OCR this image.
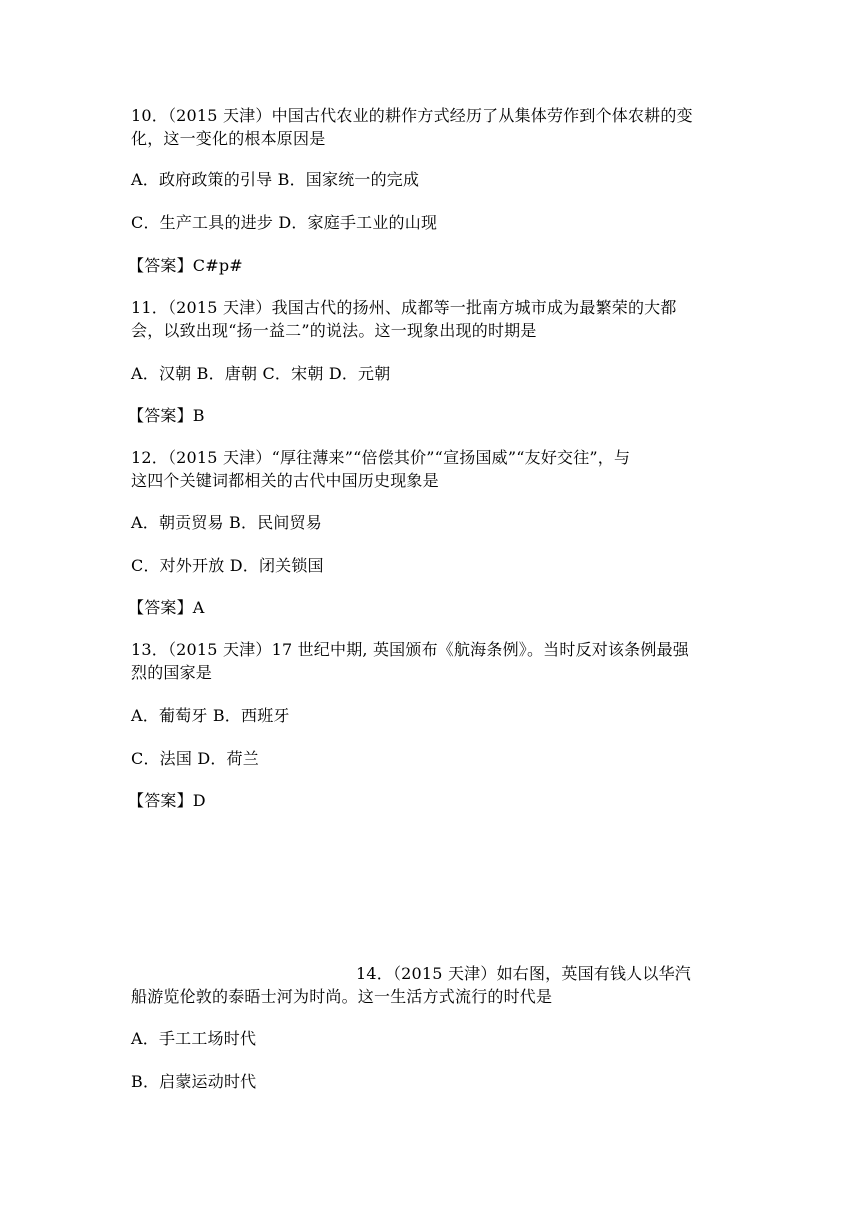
10．（2015 天津）中国古代农业的耕作方式经历了从集体劳作到个体农耕的变
化，这一变化的根本原因是
A．政府政策的引导 B．国家统一的完成
C．生产工具的进步 D．家庭手工业的山现
【答案】C#p#
11．（2015 天津）我国古代的扬州、成都等一批南方城市成为最繁荣的大都
会，以致出现“扬一益二”的说法。这一现象出现的时期是
A．汉朝 B．唐朝 C．宋朝 D．元朝
【答案】B
12．（2015 天津）“厚往薄来”“倍偿其价”“宣扬国威”“友好交往”，与
这四个关键词都相关的古代中国历史现象是
A．朝贡贸易 B．民间贸易
C．对外开放 D．闭关锁国
【答案】A
13．（2015 天津）17 世纪中期, 英国颁布《航海条例》。当时反对该条例最强
烈的国家是
A．葡萄牙 B．西班牙
C．法国 D．荷兰
【答案】D
14．（2015 天津）如右图，英国有钱人以华汽
船游览伦敦的泰晤士河为时尚。这一生活方式流行的时代是
A．手工工场时代
B．启蒙运动时代
